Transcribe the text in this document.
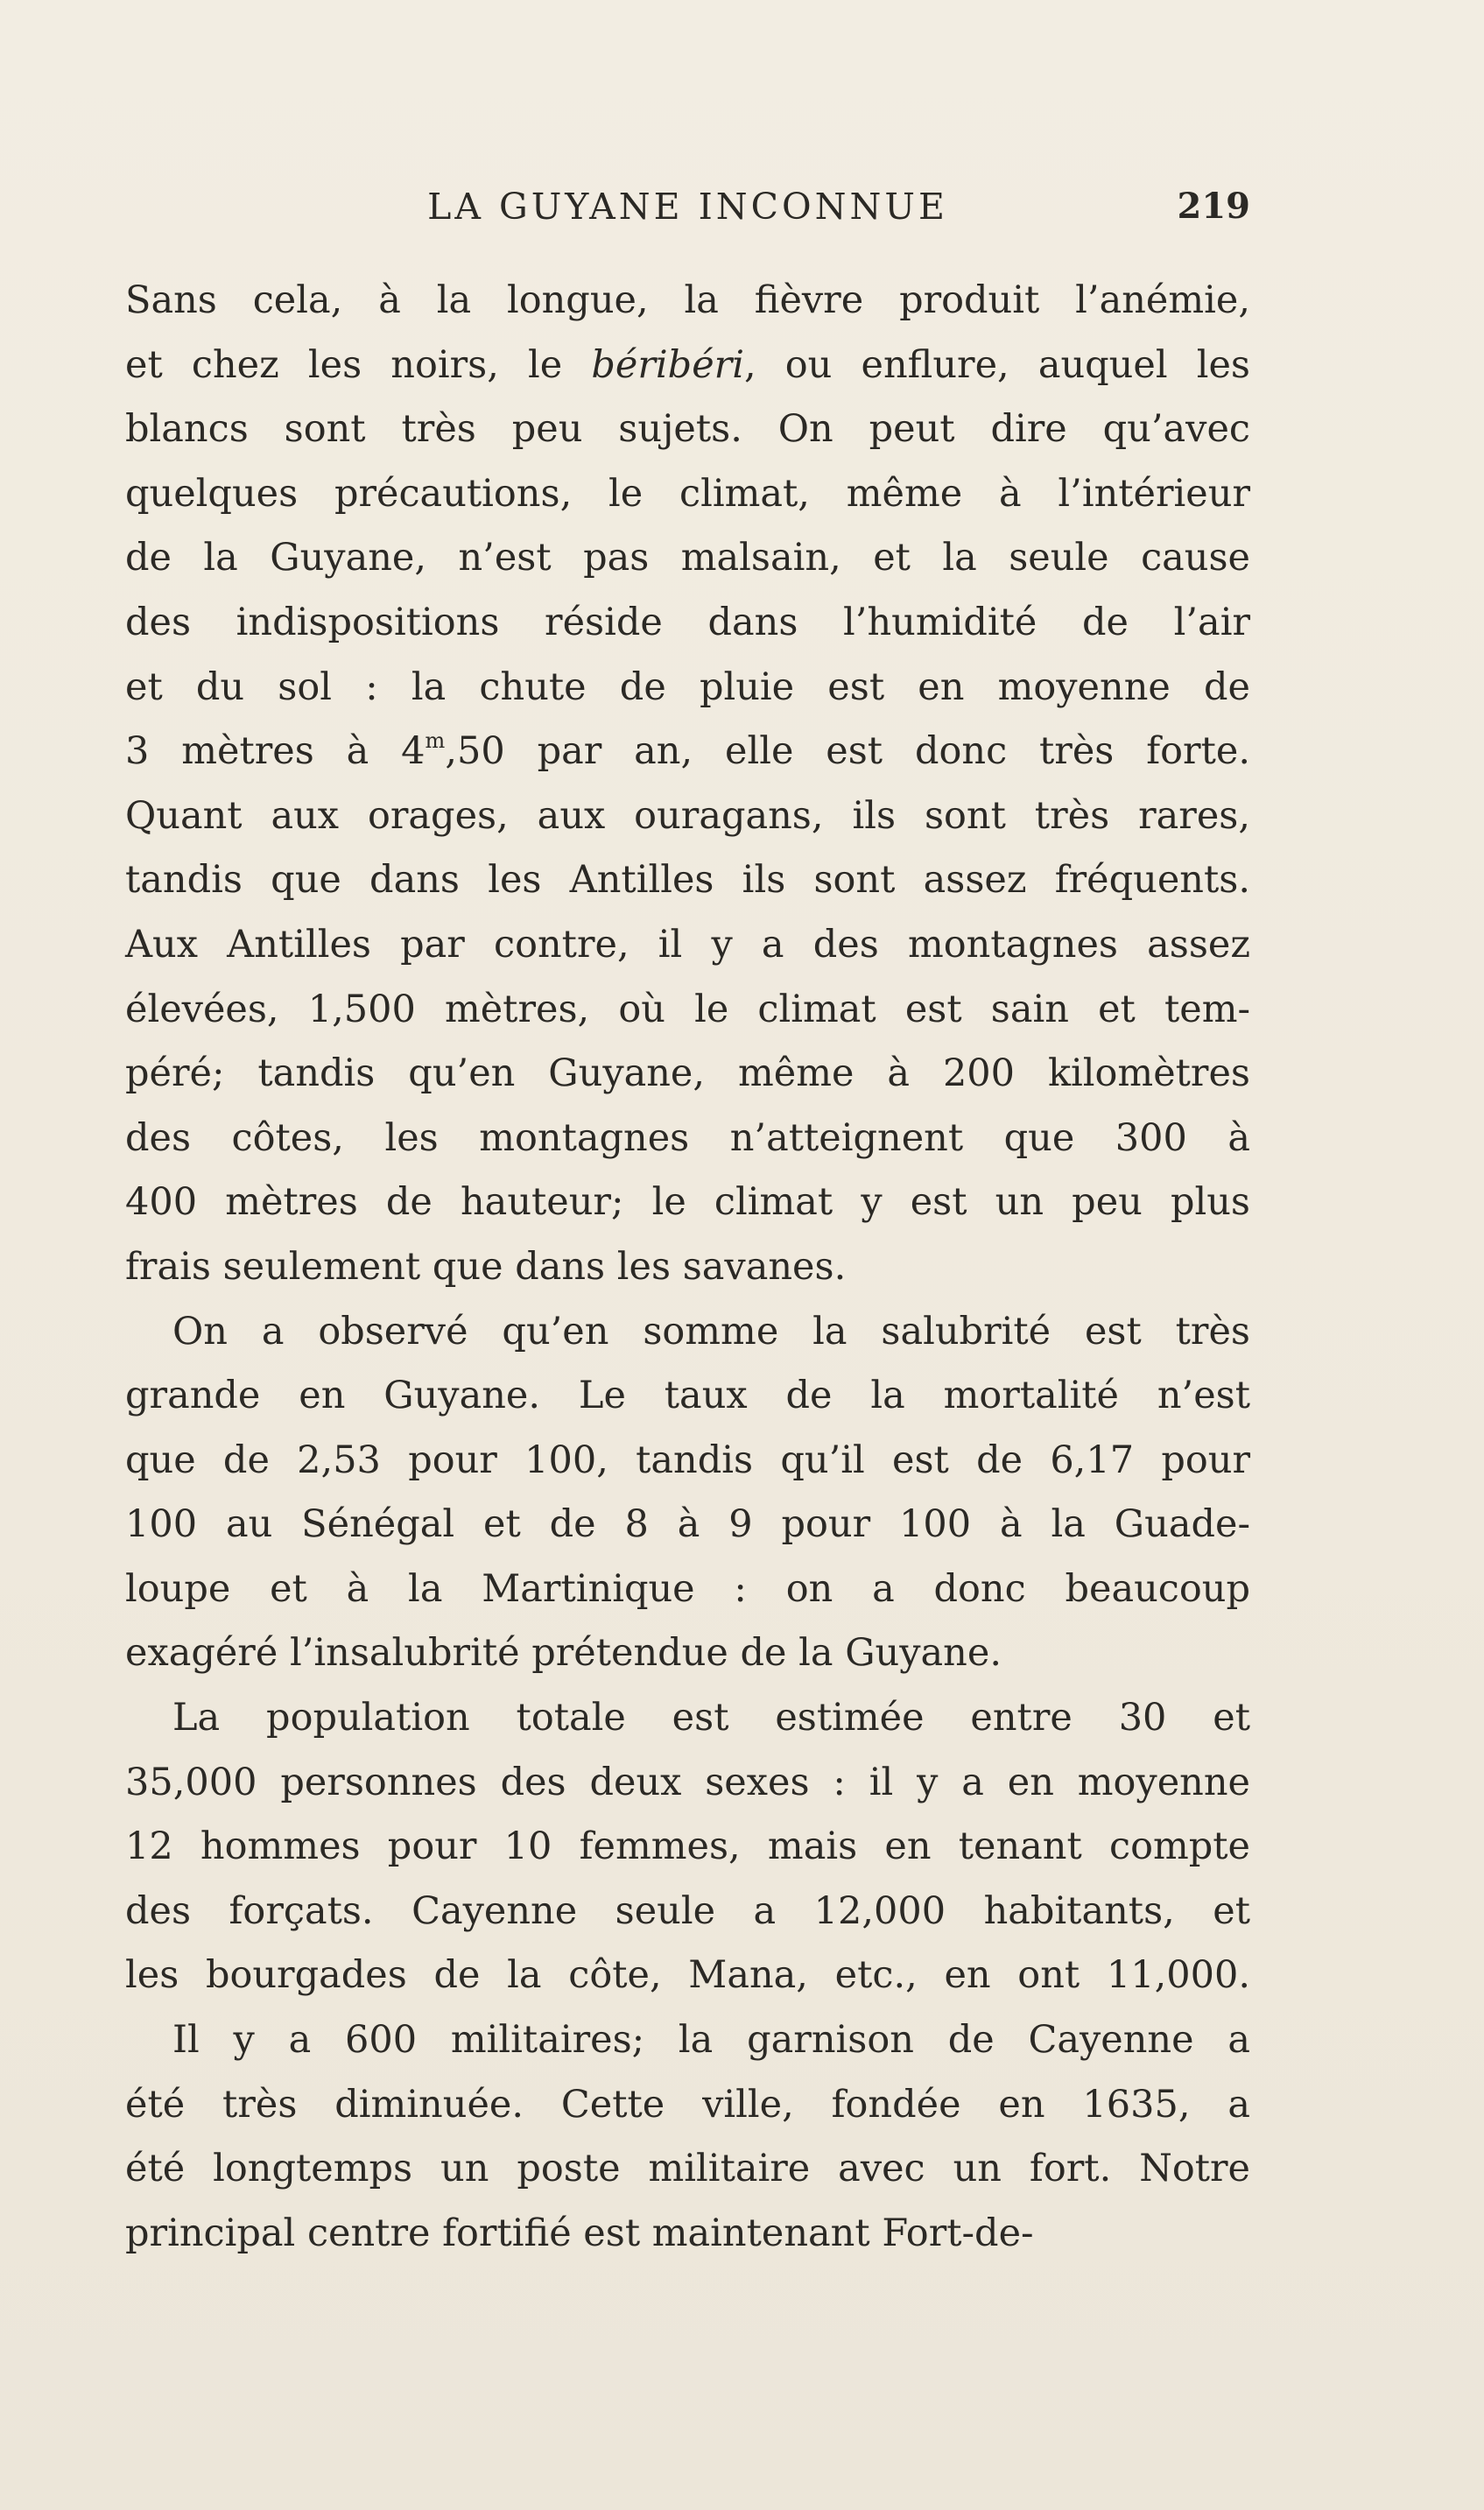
LA GUYANE INCONNUE	219
Sans cela, à la longue, la fièvre produit l’anémie,
et chez les noirs, le béribéri, ou enflure, auquel les
blancs sont très peu sujets. On peut dire qu’avec
quelques précautions, le climat, même à l’intérieur
de la Guyane, n’est pas malsain, et la seule cause
des indispositions réside dans l’humidité de l’air
et du sol : la chute de pluie est en moyenne de
3 mètres à 4$^m$,50 par an, elle est donc très forte.
Quant aux orages, aux ouragans, ils sont très rares,
tandis que dans les Antilles ils sont assez fréquents.
Aux Antilles par contre, il y a des montagnes assez
élevées, 1,500 mètres, où le climat est sain et tem-
péré; tandis qu’en Guyane, même à 200 kilomètres
des côtes, les montagnes n’atteignent que 300 à
400 mètres de hauteur; le climat y est un peu plus
frais seulement que dans les savanes.
On a observé qu’en somme la salubrité est très
grande en Guyane. Le taux de la mortalité n’est
que de 2,53 pour 100, tandis qu’il est de 6,17 pour
100 au Sénégal et de 8 à 9 pour 100 à la Guade-
loupe et à la Martinique : on a donc beaucoup
exagéré l’insalubrité prétendue de la Guyane.
La population totale est estimée entre 30 et
35,000 personnes des deux sexes : il y a en moyenne
12 hommes pour 10 femmes, mais en tenant compte
des forçats. Cayenne seule a 12,000 habitants, et
les bourgades de la côte, Mana, etc., en ont 11,000.
Il y a 600 militaires; la garnison de Cayenne a
été très diminuée. Cette ville, fondée en 1635, a
été longtemps un poste militaire avec un fort. Notre
principal centre fortifié est maintenant Fort-de-
